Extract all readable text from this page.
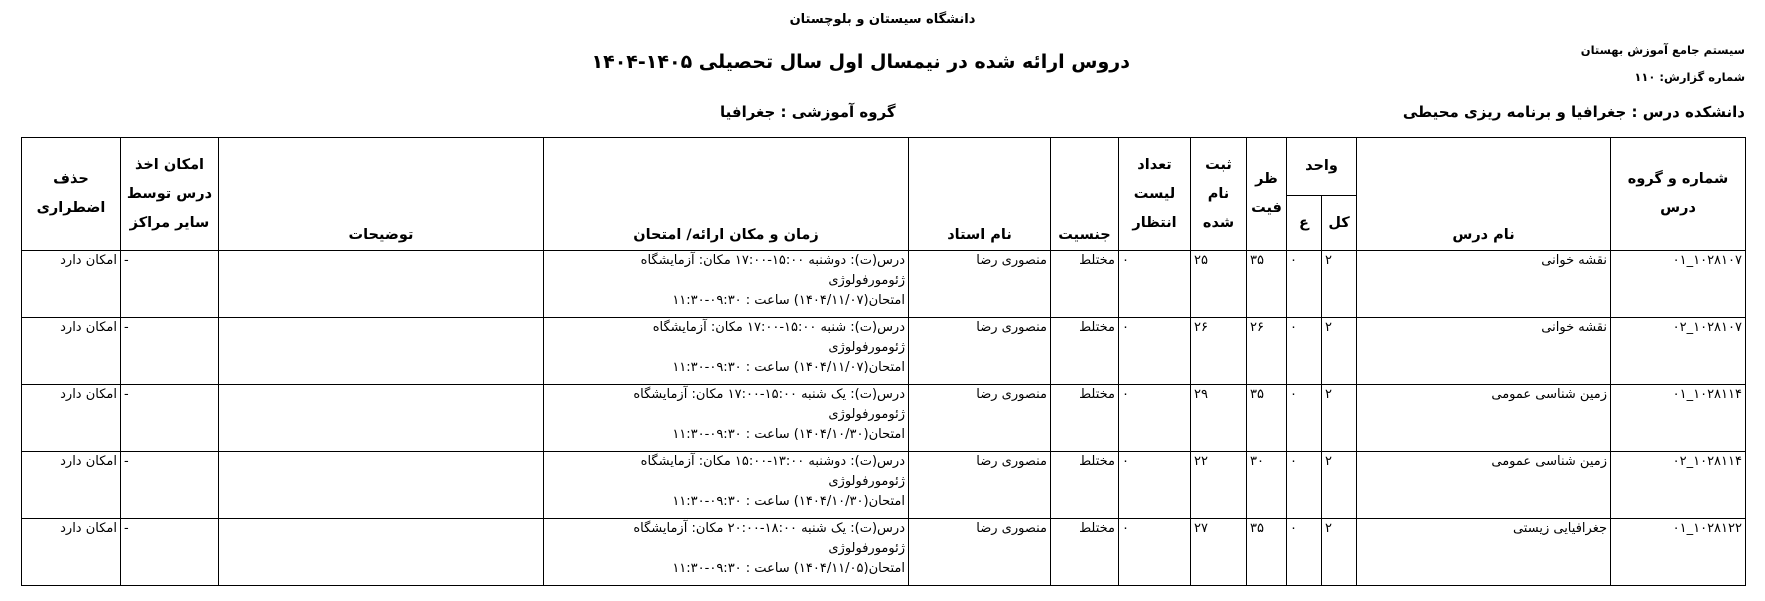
دانشگاه سیستان و بلوچستان
سیستم جامع آموزش بهستان
شماره گزارش: ۱۱۰
دروس ارائه شده در نیمسال اول سال تحصیلی ۱۴۰۵-۱۴۰۴
دانشکده درس : جغرافیا و برنامه ریزی محیطی
گروه آموزشی : جغرافیا
شماره و گروه درس	نام درس	واحد		ظر فیت	ثبت نام شده	تعداد لیست انتظار	جنسیت	نام استاد	زمان و مکان ارائه/ امتحان	توضیحات	امکان اخذ درس توسط سایر مراکز	حذف اضطراری
		کل	ع									
۱۰۲۸۱۰۷_۰۱	نقشه خوانی	۲	۰	۳۵	۲۵	۰	مختلط	منصوری رضا	درس(ت): دوشنبه ۱۵:۰۰-۱۷:۰۰ مکان: آزمایشگاه
ژئومورفولوژی
امتحان(۱۴۰۴/۱۱/۰۷) ساعت : ۰۹:۳۰-۱۱:۳۰		-	امکان دارد
۱۰۲۸۱۰۷_۰۲	نقشه خوانی	۲	۰	۲۶	۲۶	۰	مختلط	منصوری رضا	درس(ت): شنبه ۱۵:۰۰-۱۷:۰۰ مکان: آزمایشگاه
ژئومورفولوژی
امتحان(۱۴۰۴/۱۱/۰۷) ساعت : ۰۹:۳۰-۱۱:۳۰		-	امکان دارد
۱۰۲۸۱۱۴_۰۱	زمین شناسی عمومی	۲	۰	۳۵	۲۹	۰	مختلط	منصوری رضا	درس(ت): یک شنبه ۱۵:۰۰-۱۷:۰۰ مکان: آزمایشگاه
ژئومورفولوژی
امتحان(۱۴۰۴/۱۰/۳۰) ساعت : ۰۹:۳۰-۱۱:۳۰		-	امکان دارد
۱۰۲۸۱۱۴_۰۲	زمین شناسی عمومی	۲	۰	۳۰	۲۲	۰	مختلط	منصوری رضا	درس(ت): دوشنبه ۱۳:۰۰-۱۵:۰۰ مکان: آزمایشگاه
ژئومورفولوژی
امتحان(۱۴۰۴/۱۰/۳۰) ساعت : ۰۹:۳۰-۱۱:۳۰		-	امکان دارد
۱۰۲۸۱۲۲_۰۱	جغرافیایی زیستی	۲	۰	۳۵	۲۷	۰	مختلط	منصوری رضا	درس(ت): یک شنبه ۱۸:۰۰-۲۰:۰۰ مکان: آزمایشگاه
ژئومورفولوژی
امتحان(۱۴۰۴/۱۱/۰۵) ساعت : ۰۹:۳۰-۱۱:۳۰		-	امکان دارد
